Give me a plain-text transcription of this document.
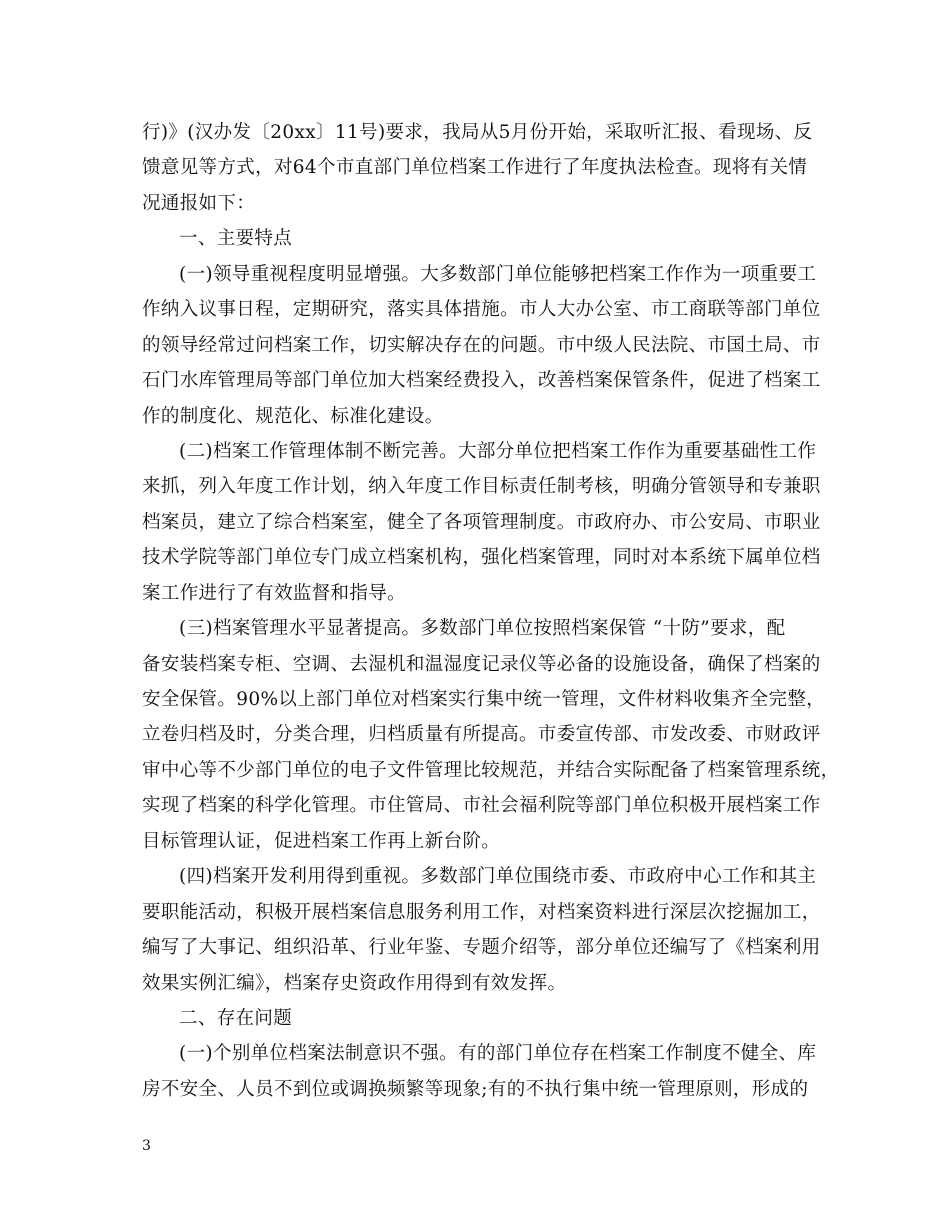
行)》(汉办发〔20xx〕11号)要求，我局从5月份开始，采取听汇报、看现场、反
馈意见等方式，对64个市直部门单位档案工作进行了年度执法检查。现将有关情
况通报如下：
一、主要特点
(一)领导重视程度明显增强。大多数部门单位能够把档案工作作为一项重要工
作纳入议事日程，定期研究，落实具体措施。市人大办公室、市工商联等部门单位
的领导经常过问档案工作，切实解决存在的问题。市中级人民法院、市国土局、市
石门水库管理局等部门单位加大档案经费投入，改善档案保管条件，促进了档案工
作的制度化、规范化、标准化建设。
(二)档案工作管理体制不断完善。大部分单位把档案工作作为重要基础性工作
来抓，列入年度工作计划，纳入年度工作目标责任制考核，明确分管领导和专兼职
档案员，建立了综合档案室，健全了各项管理制度。市政府办、市公安局、市职业
技术学院等部门单位专门成立档案机构，强化档案管理，同时对本系统下属单位档
案工作进行了有效监督和指导。
(三)档案管理水平显著提高。多数部门单位按照档案保管 “十防”要求，配
备安装档案专柜、空调、去湿机和温湿度记录仪等必备的设施设备，确保了档案的
安全保管。90%以上部门单位对档案实行集中统一管理，文件材料收集齐全完整，
立卷归档及时，分类合理，归档质量有所提高。市委宣传部、市发改委、市财政评
审中心等不少部门单位的电子文件管理比较规范，并结合实际配备了档案管理系统，
实现了档案的科学化管理。市住管局、市社会福利院等部门单位积极开展档案工作
目标管理认证，促进档案工作再上新台阶。
(四)档案开发利用得到重视。多数部门单位围绕市委、市政府中心工作和其主
要职能活动，积极开展档案信息服务利用工作，对档案资料进行深层次挖掘加工，
编写了大事记、组织沿革、行业年鉴、专题介绍等，部分单位还编写了《档案利用
效果实例汇编》，档案存史资政作用得到有效发挥。
二、存在问题
(一)个别单位档案法制意识不强。有的部门单位存在档案工作制度不健全、库
房不安全、人员不到位或调换频繁等现象;有的不执行集中统一管理原则，形成的
3
